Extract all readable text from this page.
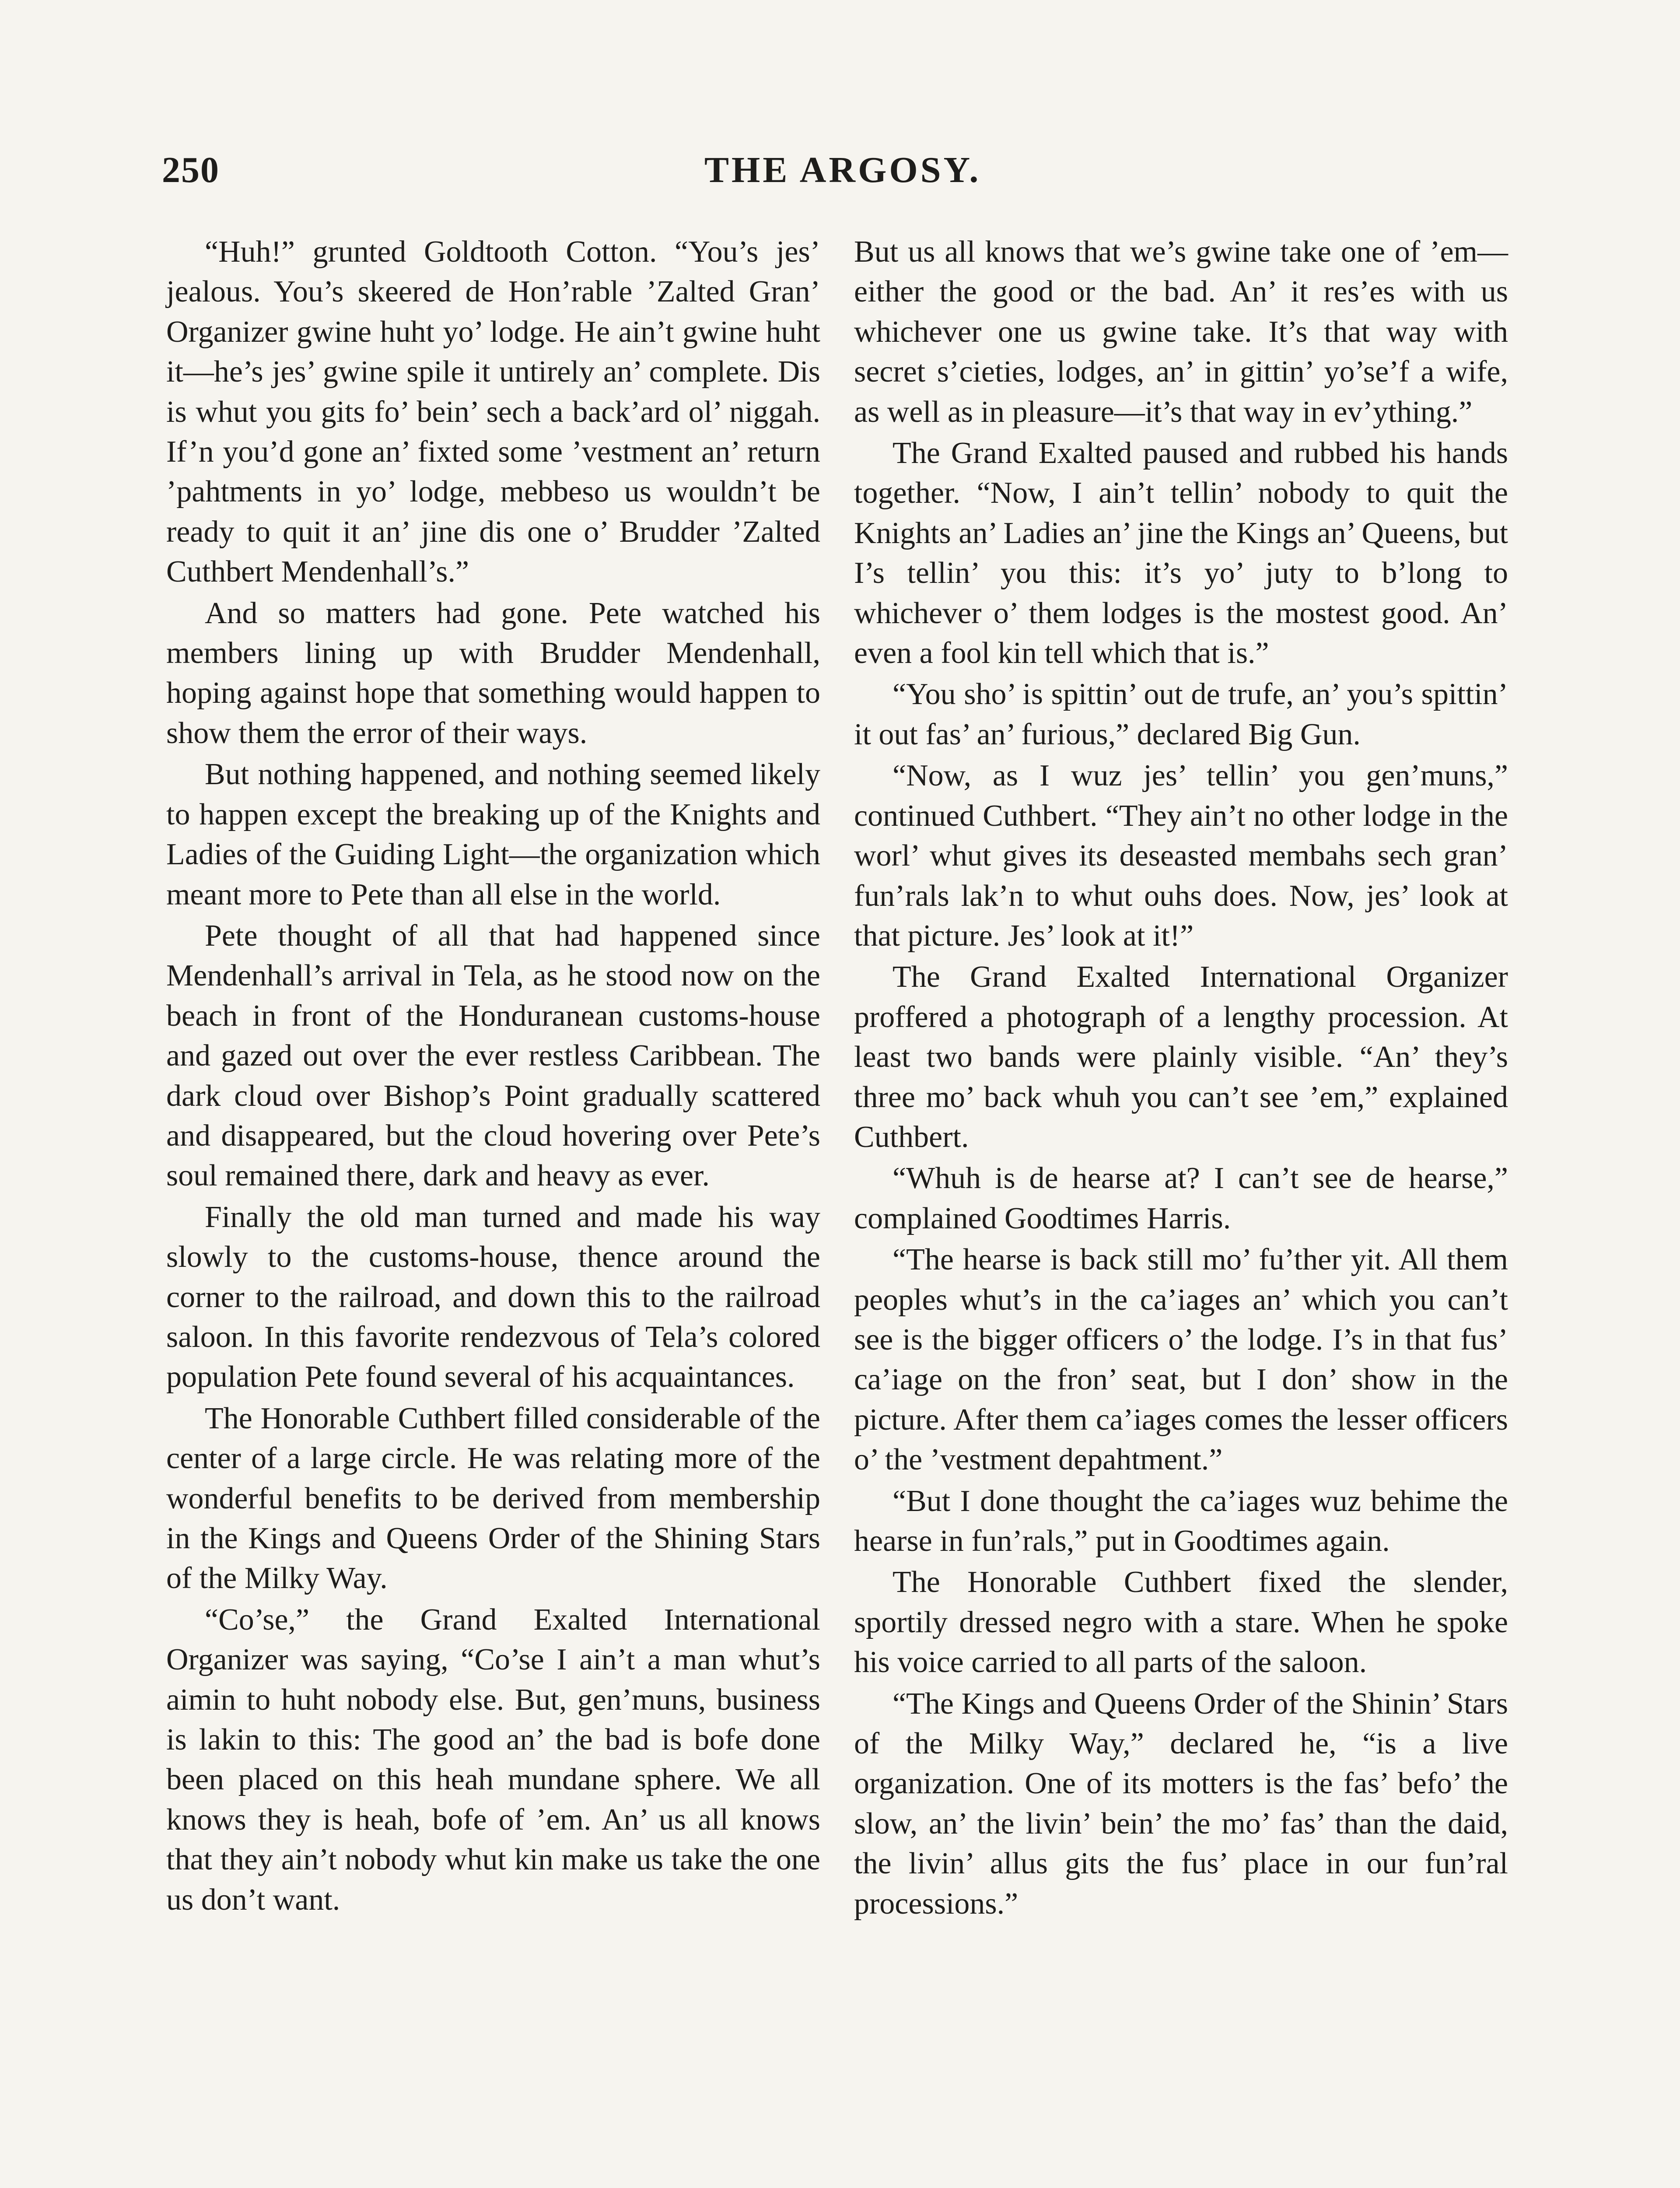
250	THE ARGOSY.

“Huh!” grunted Goldtooth Cotton. “You’s jes’ jealous. You’s skeered de Hon’rable ’Zalted Gran’ Organizer gwine huht yo’ lodge. He ain’t gwine huht it—he’s jes’ gwine spile it untirely an’ complete. Dis is whut you gits fo’ bein’ sech a back’ard ol’ niggah. If’n you’d gone an’ fixted some ’vestment an’ return ’pahtments in yo’ lodge, mebbeso us wouldn’t be ready to quit it an’ jine dis one o’ Brudder ’Zalted Cuthbert Mendenhall’s.”

And so matters had gone. Pete watched his members lining up with Brudder Mendenhall, hoping against hope that something would happen to show them the error of their ways.

But nothing happened, and nothing seemed likely to happen except the breaking up of the Knights and Ladies of the Guiding Light—the organization which meant more to Pete than all else in the world.

Pete thought of all that had happened since Mendenhall’s arrival in Tela, as he stood now on the beach in front of the Honduranean customs-house and gazed out over the ever restless Caribbean. The dark cloud over Bishop’s Point gradually scattered and disappeared, but the cloud hovering over Pete’s soul remained there, dark and heavy as ever.

Finally the old man turned and made his way slowly to the customs-house, thence around the corner to the railroad, and down this to the railroad saloon. In this favorite rendezvous of Tela’s colored population Pete found several of his acquaintances.

The Honorable Cuthbert filled considerable of the center of a large circle. He was relating more of the wonderful benefits to be derived from membership in the Kings and Queens Order of the Shining Stars of the Milky Way.

“Co’se,” the Grand Exalted International Organizer was saying, “Co’se I ain’t a man whut’s aimin to huht nobody else. But, gen’muns, business is lakin to this: The good an’ the bad is bofe done been placed on this heah mundane sphere. We all knows they is heah, bofe of ’em. An’ us all knows that they ain’t nobody whut kin make us take the one us don’t want.

But us all knows that we’s gwine take one of ’em—either the good or the bad. An’ it res’es with us whichever one us gwine take. It’s that way with secret s’cieties, lodges, an’ in gittin’ yo’se’f a wife, as well as in pleasure—it’s that way in ev’ything.”

The Grand Exalted paused and rubbed his hands together. “Now, I ain’t tellin’ nobody to quit the Knights an’ Ladies an’ jine the Kings an’ Queens, but I’s tellin’ you this: it’s yo’ juty to b’long to whichever o’ them lodges is the mostest good. An’ even a fool kin tell which that is.”

“You sho’ is spittin’ out de trufe, an’ you’s spittin’ it out fas’ an’ furious,” declared Big Gun.

“Now, as I wuz jes’ tellin’ you gen’muns,” continued Cuthbert. “They ain’t no other lodge in the worl’ whut gives its deseasted membahs sech gran’ fun’rals lak’n to whut ouhs does. Now, jes’ look at that picture. Jes’ look at it!”

The Grand Exalted International Organizer proffered a photograph of a lengthy procession. At least two bands were plainly visible. “An’ they’s three mo’ back whuh you can’t see ’em,” explained Cuthbert.

“Whuh is de hearse at? I can’t see de hearse,” complained Goodtimes Harris.

“The hearse is back still mo’ fu’ther yit. All them peoples whut’s in the ca’iages an’ which you can’t see is the bigger officers o’ the lodge. I’s in that fus’ ca’iage on the fron’ seat, but I don’ show in the picture. After them ca’iages comes the lesser officers o’ the ’vestment depahtment.”

“But I done thought the ca’iages wuz behime the hearse in fun’rals,” put in Goodtimes again.

The Honorable Cuthbert fixed the slender, sportily dressed negro with a stare. When he spoke his voice carried to all parts of the saloon.

“The Kings and Queens Order of the Shinin’ Stars of the Milky Way,” declared he, “is a live organization. One of its motters is the fas’ befo’ the slow, an’ the livin’ bein’ the mo’ fas’ than the daid, the livin’ allus gits the fus’ place in our fun’ral processions.”
